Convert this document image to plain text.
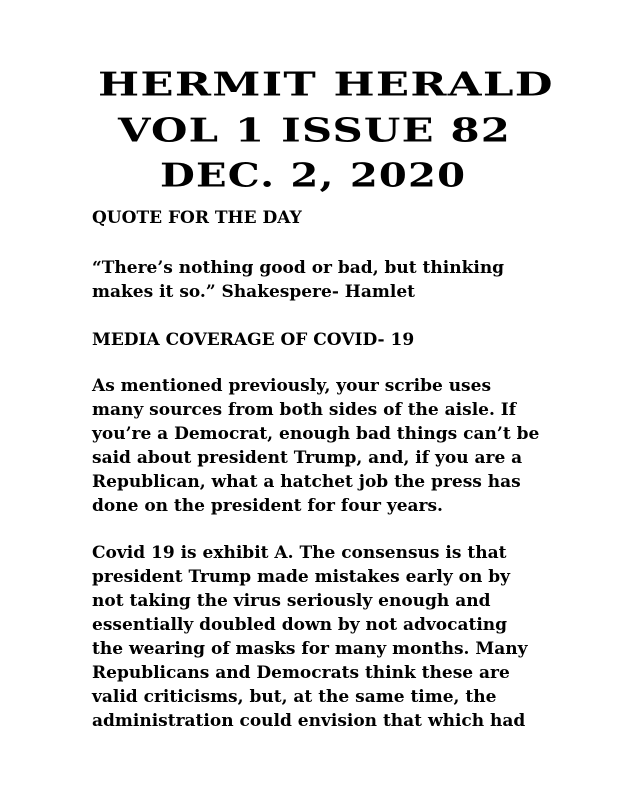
HERMIT HERALD
VOL 1 ISSUE 82
DEC. 2, 2020
QUOTE FOR THE DAY
“There’s nothing good or bad, but thinking
makes it so.” Shakespere- Hamlet
MEDIA COVERAGE OF COVID- 19
As mentioned previously, your scribe uses
many sources from both sides of the aisle. If
you’re a Democrat, enough bad things can’t be
said about president Trump, and, if you are a
Republican, what a hatchet job the press has
done on the president for four years.
Covid 19 is exhibit A. The consensus is that
president Trump made mistakes early on by
not taking the virus seriously enough and
essentially doubled down by not advocating
the wearing of masks for many months. Many
Republicans and Democrats think these are
valid criticisms, but, at the same time, the
administration could envision that which had
